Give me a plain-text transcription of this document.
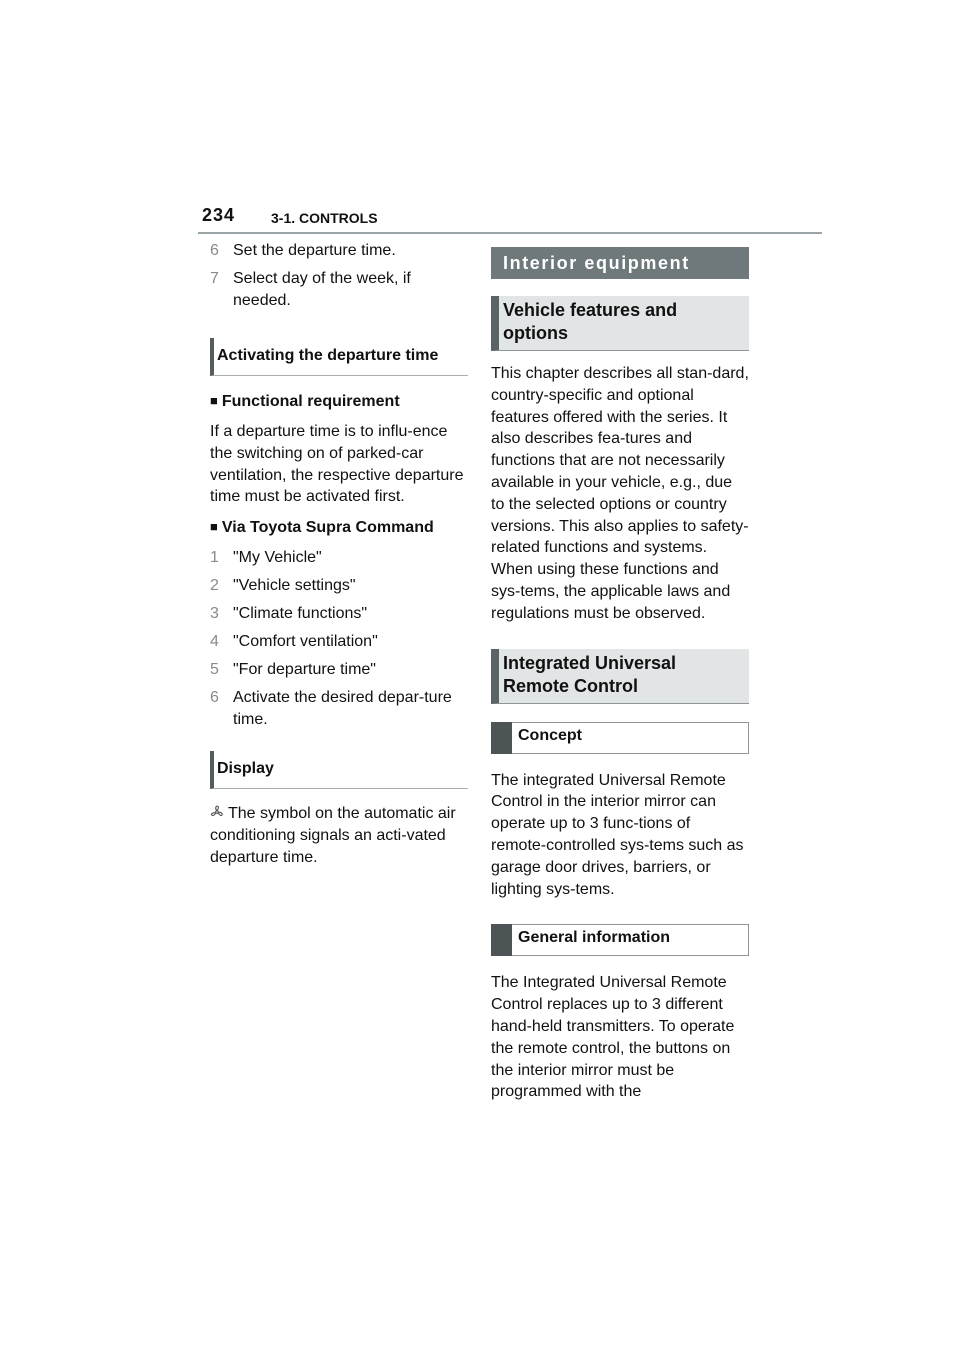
234	3-1. CONTROLS
6 Set the departure time.
7 Select day of the week, if needed.
Activating the departure time
■ Functional requirement

If a departure time is to influ-ence the switching on of parked-car ventilation, the respective departure time must be activated first.

■ Via Toyota Supra Command
1 "My Vehicle"
2 "Vehicle settings"
3 "Climate functions"
4 "Comfort ventilation"
5 "For departure time"
6 Activate the desired depar-ture time.
Display

The symbol on the automatic air conditioning signals an acti-vated departure time.

Interior equipment
Vehicle features and options

This chapter describes all stan-dard, country-specific and optional features offered with the series. It also describes fea-tures and functions that are not necessarily available in your vehicle, e.g., due to the selected options or country versions. This also applies to safety-related functions and systems. When using these functions and sys-tems, the applicable laws and regulations must be observed.

Integrated Universal Remote Control
Concept

The integrated Universal Remote Control in the interior mirror can operate up to 3 func-tions of remote-controlled sys-tems such as garage door drives, barriers, or lighting sys-tems.

General information

The Integrated Universal Remote Control replaces up to 3 different hand-held transmitters. To operate the remote control, the buttons on the interior mirror must be programmed with the
